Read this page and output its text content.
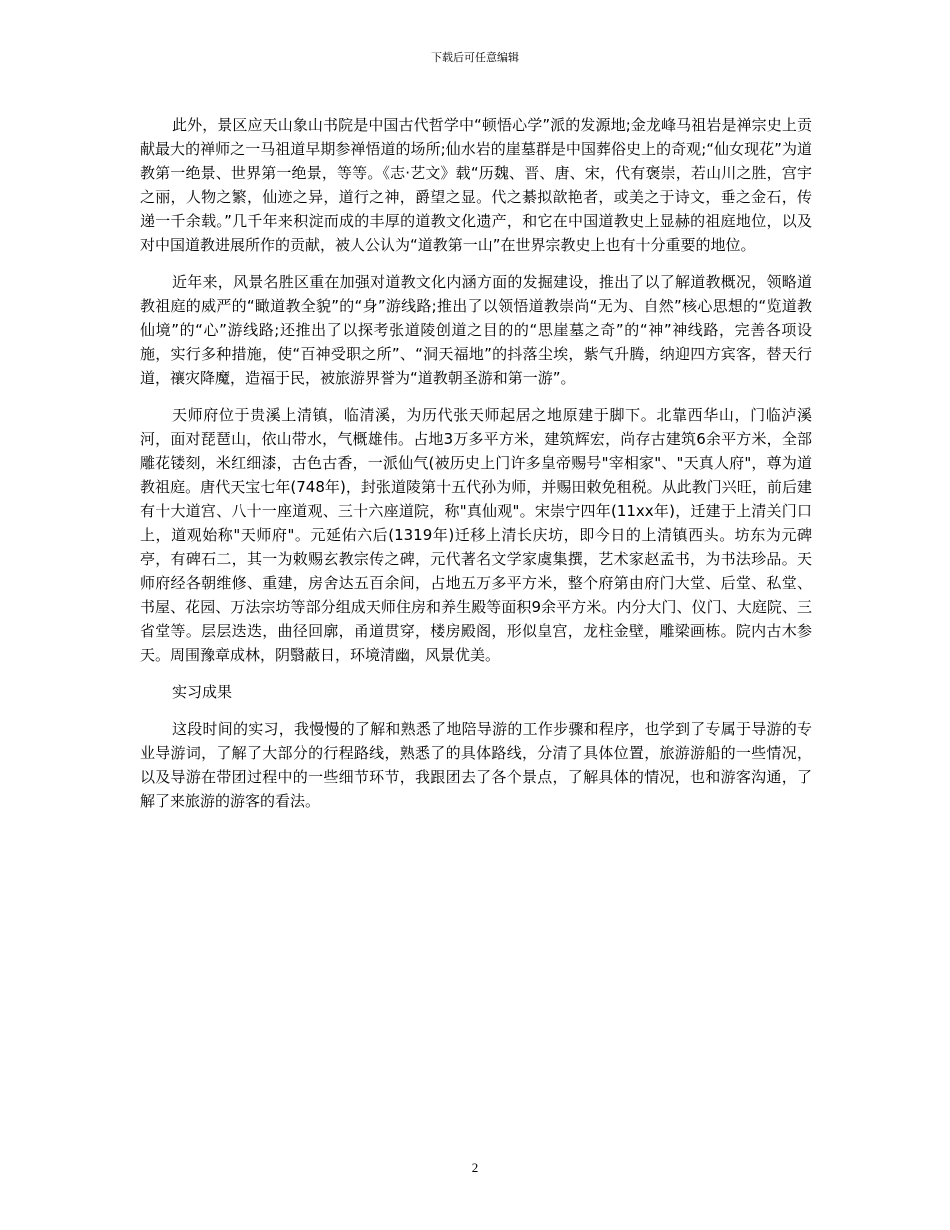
下载后可任意编辑

此外，景区应天山象山书院是中国古代哲学中“顿悟心学”派的发源地;金龙峰马祖岩是禅宗史上贡献最大的禅师之一马祖道早期参禅悟道的场所;仙水岩的崖墓群是中国葬俗史上的奇观;“仙女现花”为道教第一绝景、世界第一绝景，等等。《志·艺文》载“历魏、晋、唐、宋，代有褒崇，若山川之胜，宫宇之丽，人物之繁，仙迹之异，道行之神，爵望之显。代之綦拟歆艳者，或美之于诗文，垂之金石，传递一千余载。”几千年来积淀而成的丰厚的道教文化遗产，和它在中国道教史上显赫的祖庭地位，以及对中国道教进展所作的贡献，被人公认为“道教第一山”在世界宗教史上也有十分重要的地位。

近年来，风景名胜区重在加强对道教文化内涵方面的发掘建设，推出了以了解道教概况，领略道教祖庭的威严的“瞰道教全貌”的“身”游线路;推出了以领悟道教崇尚“无为、自然”核心思想的“览道教仙境”的“心”游线路;还推出了以探考张道陵创道之目的的“思崖墓之奇”的“神”神线路，完善各项设施，实行多种措施，使“百神受职之所”、“洞天福地”的抖落尘埃，紫气升腾，纳迎四方宾客，替天行道，禳灾降魔，造福于民，被旅游界誉为“道教朝圣游和第一游”。

天师府位于贵溪上清镇，临清溪，为历代张天师起居之地原建于脚下。北靠西华山，门临泸溪河，面对琵琶山，依山带水，气概雄伟。占地3万多平方米，建筑辉宏，尚存古建筑6余平方米，全部雕花镂刻，米红细漆，古色古香，一派仙气(被历史上门许多皇帝赐号"宰相家"、"天真人府"，尊为道教祖庭。唐代天宝七年(748年)，封张道陵第十五代孙为师，并赐田敕免租税。从此教门兴旺，前后建有十大道宫、八十一座道观、三十六座道院，称"真仙观"。宋崇宁四年(11xx年)，迁建于上清关门口上，道观始称"天师府"。元延佑六后(1319年)迁移上清长庆坊，即今日的上清镇西头。坊东为元碑亭，有碑石二，其一为敕赐玄教宗传之碑，元代著名文学家虞集撰，艺术家赵孟书，为书法珍品。天师府经各朝维修、重建，房舍达五百余间，占地五万多平方米，整个府第由府门大堂、后堂、私堂、书屋、花园、万法宗坊等部分组成天师住房和养生殿等面积9余平方米。内分大门、仪门、大庭院、三省堂等。层层迭迭，曲径回廓，甬道贯穿，楼房殿阁，形似皇宫，龙柱金壁，雕梁画栋。院内古木参天。周围豫章成林，阴翳蔽日，环境清幽，风景优美。

实习成果

这段时间的实习，我慢慢的了解和熟悉了地陪导游的工作步骤和程序，也学到了专属于导游的专业导游词，了解了大部分的行程路线，熟悉了的具体路线，分清了具体位置，旅游游船的一些情况，以及导游在带团过程中的一些细节环节，我跟团去了各个景点，了解具体的情况，也和游客沟通，了解了来旅游的游客的看法。

2
